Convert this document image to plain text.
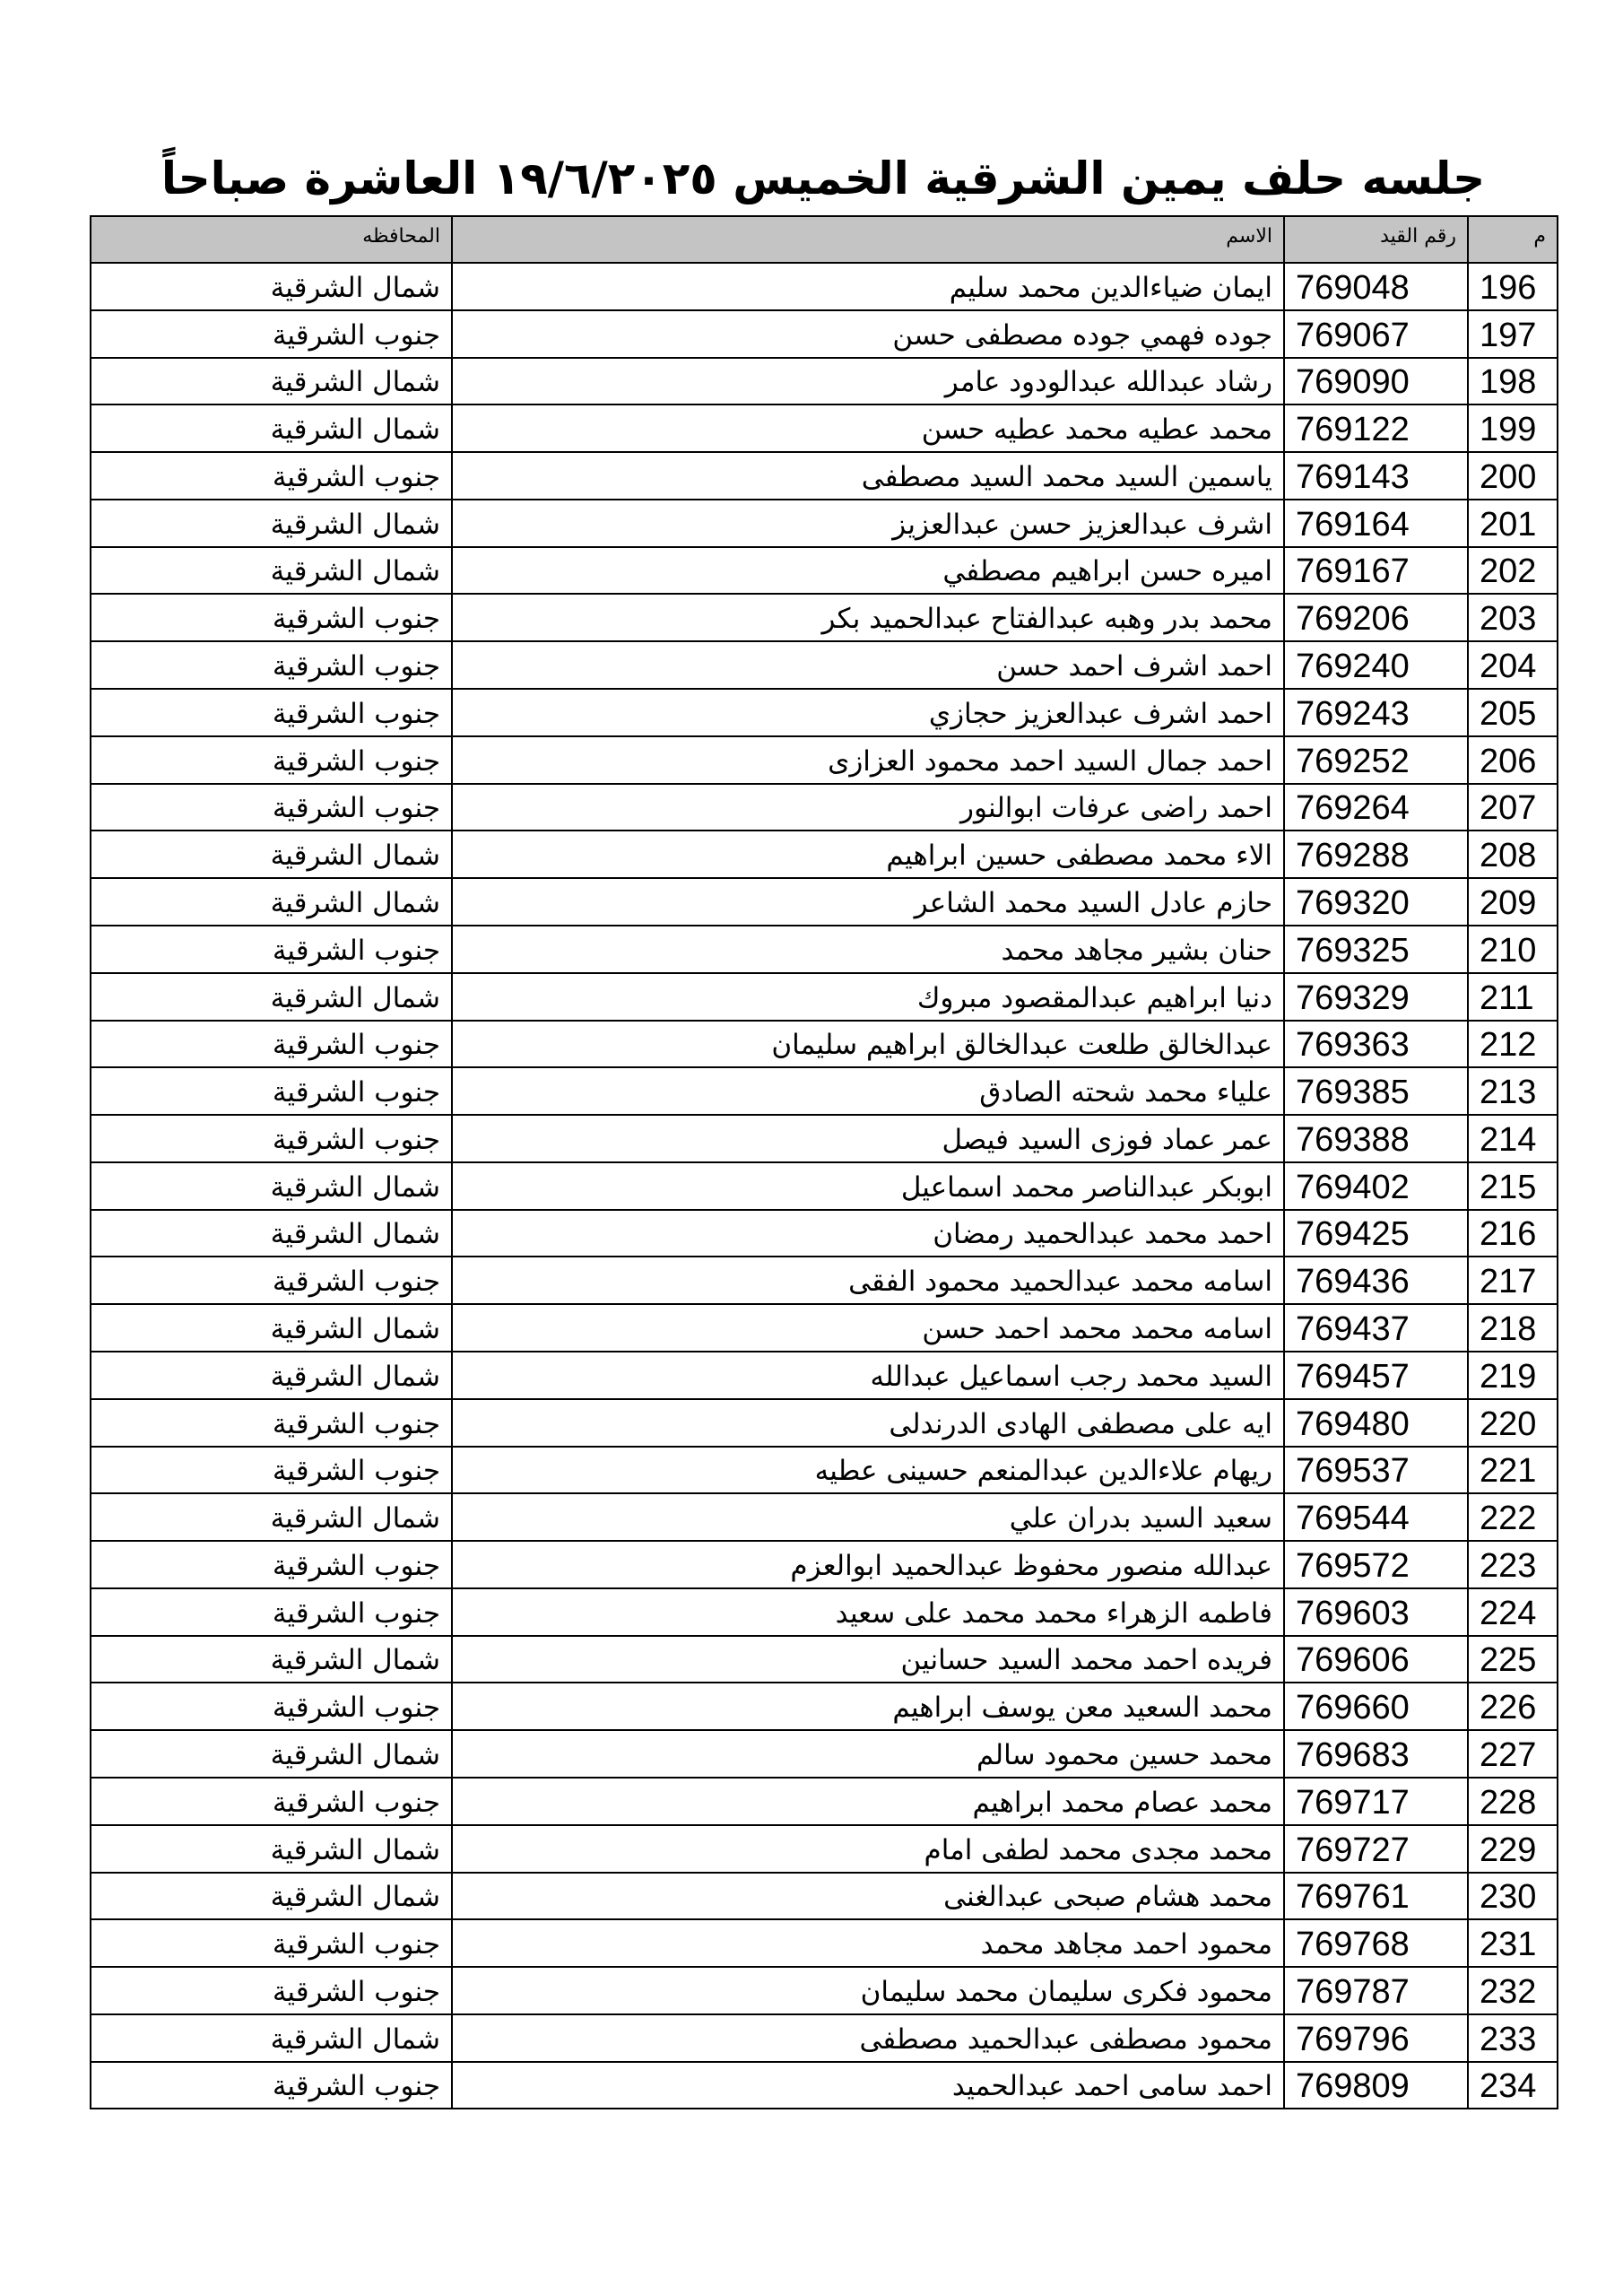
جلسه حلف يمين الشرقية الخميس ١٩/٦/٢٠٢٥ العاشرة صباحاً
م	رقم القيد	الاسم	المحافظه
196	769048	ايمان ضياءالدين محمد سليم	شمال الشرقية
197	769067	جوده فهمي جوده مصطفى حسن	جنوب الشرقية
198	769090	رشاد عبدالله عبدالودود عامر	شمال الشرقية
199	769122	محمد عطيه محمد عطيه حسن	شمال الشرقية
200	769143	ياسمين السيد محمد السيد مصطفى	جنوب الشرقية
201	769164	اشرف عبدالعزيز حسن عبدالعزيز	شمال الشرقية
202	769167	اميره حسن ابراهيم مصطفي	شمال الشرقية
203	769206	محمد بدر وهبه عبدالفتاح عبدالحميد بكر	جنوب الشرقية
204	769240	احمد اشرف احمد حسن	جنوب الشرقية
205	769243	احمد اشرف عبدالعزيز حجازي	جنوب الشرقية
206	769252	احمد جمال السيد احمد محمود العزازى	جنوب الشرقية
207	769264	احمد راضى عرفات ابوالنور	جنوب الشرقية
208	769288	الاء محمد مصطفى حسين ابراهيم	شمال الشرقية
209	769320	حازم عادل السيد محمد الشاعر	شمال الشرقية
210	769325	حنان بشير مجاهد محمد	جنوب الشرقية
211	769329	دنيا ابراهيم عبدالمقصود مبروك	شمال الشرقية
212	769363	عبدالخالق طلعت عبدالخالق ابراهيم سليمان	جنوب الشرقية
213	769385	علياء محمد شحته الصادق	جنوب الشرقية
214	769388	عمر عماد فوزى السيد فيصل	جنوب الشرقية
215	769402	ابوبكر عبدالناصر محمد اسماعيل	شمال الشرقية
216	769425	احمد محمد عبدالحميد رمضان	شمال الشرقية
217	769436	اسامه محمد عبدالحميد محمود الفقى	جنوب الشرقية
218	769437	اسامه محمد محمد احمد حسن	شمال الشرقية
219	769457	السيد محمد رجب اسماعيل عبدالله	شمال الشرقية
220	769480	ايه على مصطفى الهادى الدرندلى	جنوب الشرقية
221	769537	ريهام علاءالدين عبدالمنعم حسينى عطيه	جنوب الشرقية
222	769544	سعيد السيد بدران علي	شمال الشرقية
223	769572	عبدالله منصور محفوظ عبدالحميد ابوالعزم	جنوب الشرقية
224	769603	فاطمه الزهراء محمد محمد على سعيد	جنوب الشرقية
225	769606	فريده احمد محمد السيد حسانين	شمال الشرقية
226	769660	محمد السعيد معن يوسف ابراهيم	جنوب الشرقية
227	769683	محمد حسين محمود سالم	شمال الشرقية
228	769717	محمد عصام محمد ابراهيم	جنوب الشرقية
229	769727	محمد مجدى محمد لطفى امام	شمال الشرقية
230	769761	محمد هشام صبحى عبدالغنى	شمال الشرقية
231	769768	محمود احمد مجاهد محمد	جنوب الشرقية
232	769787	محمود فكرى سليمان محمد سليمان	جنوب الشرقية
233	769796	محمود مصطفى عبدالحميد مصطفى	شمال الشرقية
234	769809	احمد سامى احمد عبدالحميد	جنوب الشرقية
